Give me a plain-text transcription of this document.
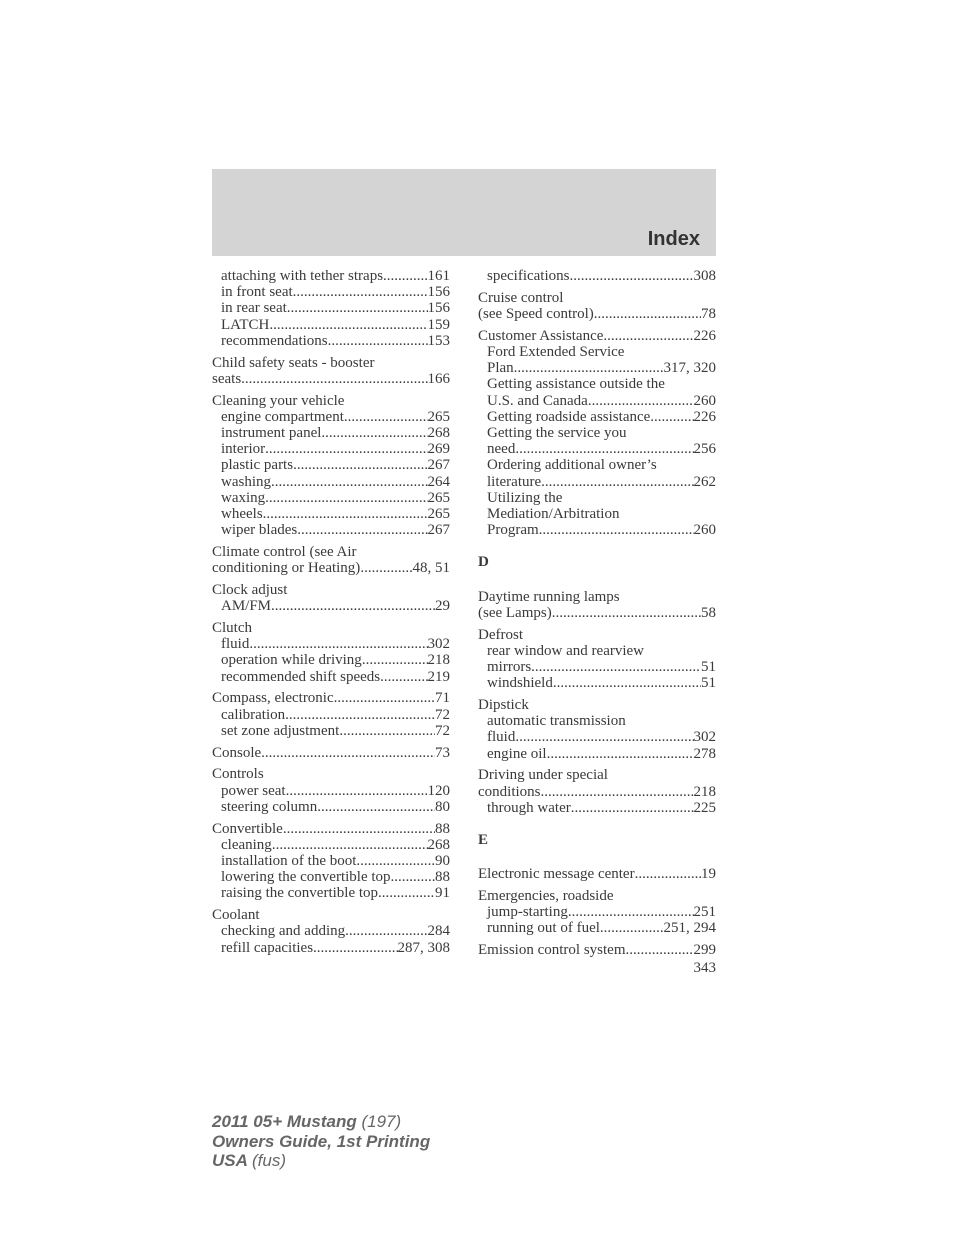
Index
attaching with tether straps .....	161
in front seat .....	156
in rear seat .....	156
LATCH .....	159
recommendations .....	153
Child safety seats - booster
seats .....	166
Cleaning your vehicle
engine compartment .....	265
instrument panel .....	268
interior .....	269
plastic parts .....	267
washing .....	264
waxing .....	265
wheels .....	265
wiper blades .....	267
Climate control (see Air
conditioning or Heating) .....	48, 51
Clock adjust
AM/FM .....	29
Clutch
fluid .....	302
operation while driving .....	218
recommended shift speeds .....	219
Compass, electronic .....	71
calibration .....	72
set zone adjustment .....	72
Console .....	73
Controls
power seat .....	120
steering column .....	80
Convertible .....	88
cleaning .....	268
installation of the boot .....	90
lowering the convertible top .....	88
raising the convertible top .....	91
Coolant
checking and adding .....	284
refill capacities .....	287, 308
specifications .....	308
Cruise control
(see Speed control) .....	78
Customer Assistance .....	226
Ford Extended Service
Plan .....	317, 320
Getting assistance outside the
U.S. and Canada .....	260
Getting roadside assistance .....	226
Getting the service you
need .....	256
Ordering additional owner’s
literature .....	262
Utilizing the
Mediation/Arbitration
Program .....	260
D
Daytime running lamps
(see Lamps) .....	58
Defrost
rear window and rearview
mirrors .....	51
windshield .....	51
Dipstick
automatic transmission
fluid .....	302
engine oil .....	278
Driving under special
conditions .....	218
through water .....	225
E
Electronic message center .....	19
Emergencies, roadside
jump-starting .....	251
running out of fuel .....	251, 294
Emission control system .....	299
343
2011 05+ Mustang (197)
Owners Guide, 1st Printing
USA (fus)
